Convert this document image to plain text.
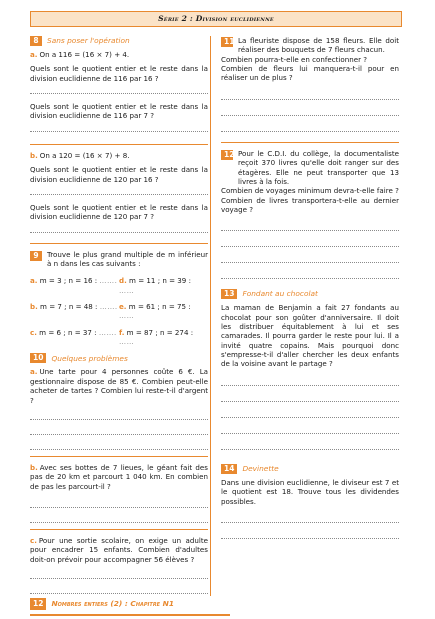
Série 2 : Division euclidienne
8	Sans poser l'opération

a. On a 116 = (16 × 7) + 4.

Quels sont le quotient entier et le reste dans la division euclidienne de 116 par 16 ?

Quels sont le quotient entier et le reste dans la division euclidienne de 116 par 7 ?

b. On a 120 = (16 × 7) + 8.

Quels sont le quotient entier et le reste dans la division euclidienne de 120 par 16 ?

Quels sont le quotient entier et le reste dans la division euclidienne de 120 par 7 ?

9	Trouve le plus grand multiple de m inférieur à n dans les cas suivants :

a. m = 3 ; n = 16 : ……. d. m = 11 ; n = 39 : ……
b. m = 7 ; n = 48 : ……. e. m = 61 ; n = 75 : ……
c. m = 6 ; n = 37 : ……. f. m = 87 ; n = 274 : ……
10	Quelques problèmes

a. Une tarte pour 4 personnes coûte 6 €. La gestionnaire dispose de 85 €. Combien peut-elle acheter de tartes ? Combien lui reste-t-il d'argent ?

b. Avec ses bottes de 7 lieues, le géant fait des pas de 20 km et parcourt 1 040 km. En combien de pas les parcourt-il ?

c. Pour une sortie scolaire, on exige un adulte pour encadrer 15 enfants. Combien d'adultes doit-on prévoir pour accompagner 56 élèves ?

11 La fleuriste dispose de 158 fleurs. Elle doit réaliser des bouquets de 7 fleurs chacun.

Combien pourra-t-elle en confectionner ?

Combien de fleurs lui manquera-t-il pour en réaliser un de plus ?

12 Pour le C.D.I. du collège, la documentaliste reçoit 370 livres qu'elle doit ranger sur des étagères. Elle ne peut transporter que 13 livres à la fois.

Combien de voyages minimum devra-t-elle faire ?

Combien de livres transportera-t-elle au dernier voyage ?

13	Fondant au chocolat

La maman de Benjamin a fait 27 fondants au chocolat pour son goûter d'anniversaire. Il doit les distribuer équitablement à lui et ses camarades. Il pourra garder le reste pour lui. Il a invité quatre copains. Mais pourquoi donc s'empresse-t-il d'aller chercher les deux enfants de la voisine avant le partage ?

14	Devinette

Dans une division euclidienne, le diviseur est 7 et le quotient est 18. Trouve tous les dividendes possibles.

12	Nombres entiers (2) : Chapitre N1
